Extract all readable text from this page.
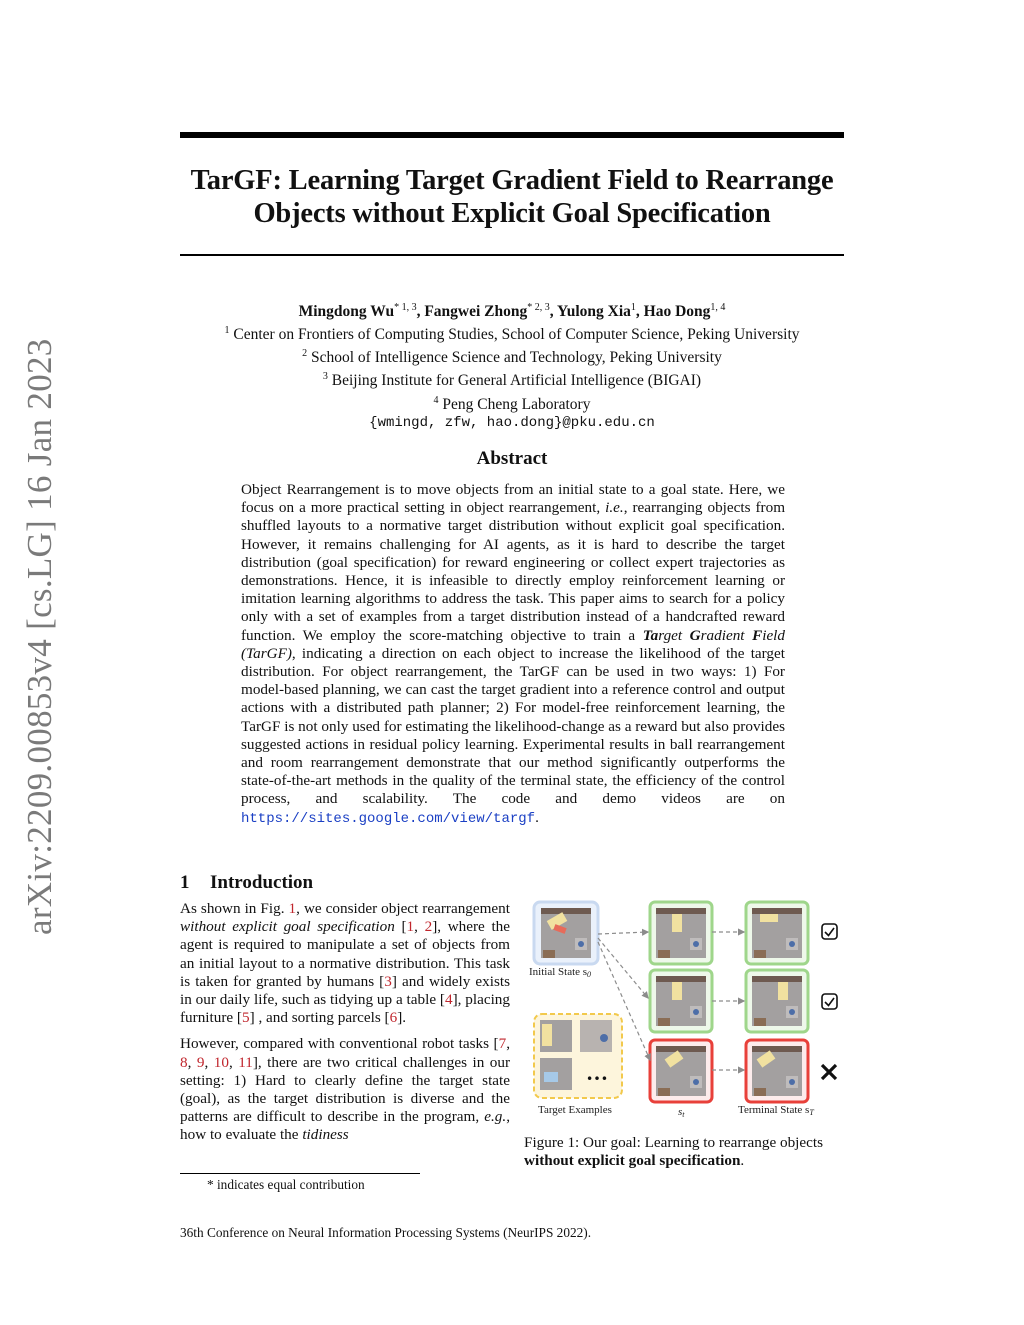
arXiv:2209.00853v4 [cs.LG] 16 Jan 2023
TarGF: Learning Target Gradient Field to Rearrange Objects without Explicit Goal Specification
Mingdong Wu$^{* 1, 3}$, Fangwei Zhong$^{* 2, 3}$, Yulong Xia$^1$, Hao Dong$^{1, 4}$
$^1$ Center on Frontiers of Computing Studies, School of Computer Science, Peking University
$^2$ School of Intelligence Science and Technology, Peking University
$^3$ Beijing Institute for General Artificial Intelligence (BIGAI)
$^4$ Peng Cheng Laboratory
{wmingd, zfw, hao.dong}@pku.edu.cn
Abstract

Object Rearrangement is to move objects from an initial state to a goal state. Here, we focus on a more practical setting in object rearrangement, i.e., rearranging objects from shuffled layouts to a normative target distribution without explicit goal specification. However, it remains challenging for AI agents, as it is hard to describe the target distribution (goal specification) for reward engineering or collect expert trajectories as demonstrations. Hence, it is infeasible to directly employ reinforcement learning or imitation learning algorithms to address the task. This paper aims to search for a policy only with a set of examples from a target distribution instead of a handcrafted reward function. We employ the score-matching objective to train a Target Gradient Field (TarGF), indicating a direction on each object to increase the likelihood of the target distribution. For object rearrangement, the TarGF can be used in two ways: 1) For model-based planning, we can cast the target gradient into a reference control and output actions with a distributed path planner; 2) For model-free reinforcement learning, the TarGF is not only used for estimating the likelihood-change as a reward but also provides suggested actions in residual policy learning. Experimental results in ball rearrangement and room rearrangement demonstrate that our method significantly outperforms the state-of-the-art methods in the quality of the terminal state, the efficiency of the control process, and scalability. The code and demo videos are on https://sites.google.com/view/targf.

1 Introduction

As shown in Fig. 1, we consider object rearrangement without explicit goal specification [1, 2], where the agent is required to manipulate a set of objects from an initial layout to a normative distribution. This task is taken for granted by humans [3] and widely exists in our daily life, such as tidying up a table [4], placing furniture [5] , and sorting parcels [6].

However, compared with conventional robot tasks [7, 8, 9, 10, 11], there are two critical challenges in our setting: 1) Hard to clearly define the target state (goal), as the target distribution is diverse and the patterns are difficult to describe in the program, e.g., how to evaluate the tidiness

Initial State s0
…
Target Examples	st	Terminal State sT
Figure 1: Our goal: Learning to rearrange objects without explicit goal specification.
* indicates equal contribution
36th Conference on Neural Information Processing Systems (NeurIPS 2022).
